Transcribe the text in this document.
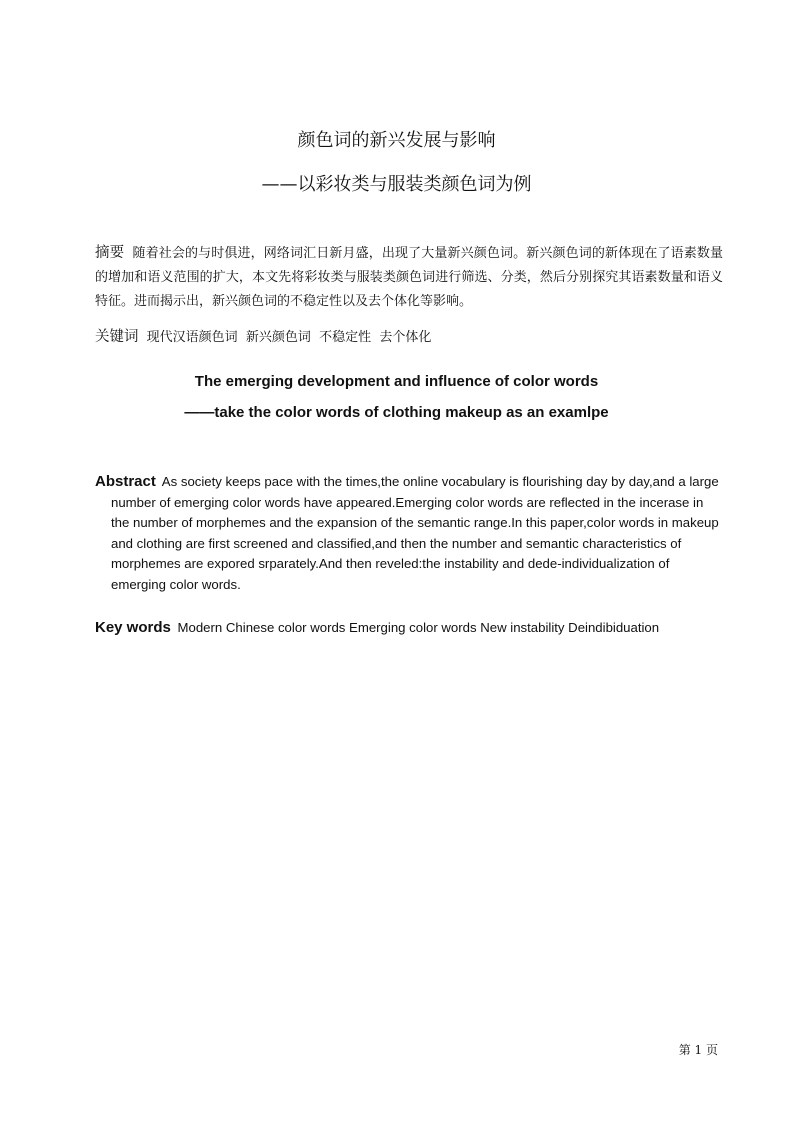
颜色词的新兴发展与影响
——以彩妆类与服装类颜色词为例
摘要 随着社会的与时俱进，网络词汇日新月盛，出现了大量新兴颜色词。新兴颜色词的新体现在了语素数量的增加和语义范围的扩大，本文先将彩妆类与服装类颜色词进行筛选、分类，然后分别探究其语素数量和语义特征。进而揭示出，新兴颜色词的不稳定性以及去个体化等影响。
关键词 现代汉语颜色词  新兴颜色词  不稳定性  去个体化
The emerging development and influence of color words
——take the color words of clothing makeup as an examlpe
Abstract As society keeps pace with the times,the online vocabulary is flourishing day by day,and a large number of emerging color words have appeared.Emerging color words are reflected in the incerase in the number of morphemes and the expansion of the semantic range.In this paper,color words in makeup and clothing are first screened and classified,and then the number and semantic characteristics of morphemes are expored srparately.And then reveled:the instability and dede-individualization of emerging color words.
Key words Modern Chinese color words Emerging color words New instability Deindibiduation
第 1 页
